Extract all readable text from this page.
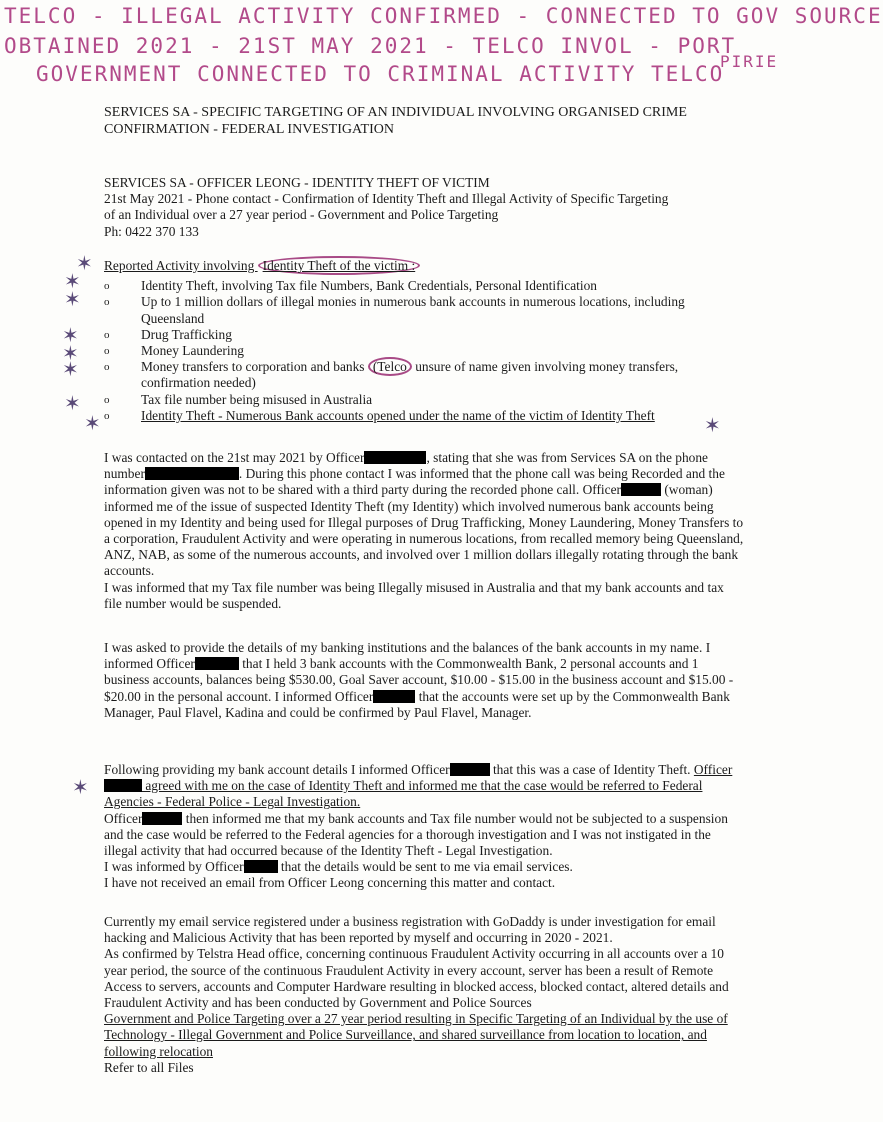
TELCO - ILLEGAL ACTIVITY CONFIRMED - CONNECTED TO GOV SOURCE
OBTAINED 2021 - 21ST MAY 2021 - TELCO INVOL - PORT
PIRIE
GOVERNMENT CONNECTED TO CRIMINAL ACTIVITY TELCO
SERVICES SA - SPECIFIC TARGETING OF AN INDIVIDUAL INVOLVING ORGANISED CRIME
CONFIRMATION - FEDERAL INVESTIGATION
SERVICES SA - OFFICER LEONG - IDENTITY THEFT OF VICTIM
21st May 2021 - Phone contact - Confirmation of Identity Theft and Illegal Activity of Specific Targeting
of an Individual over a 27 year period - Government and Police Targeting
Ph: 0422 370 133
✶ Reported Activity involving Identity Theft of the victim :
o Identity Theft, involving Tax file Numbers, Bank Credentials, Personal Identification
o Up to 1 million dollars of illegal monies in numerous bank accounts in numerous locations, including Queensland
o Drug Trafficking
o Money Laundering
o Money transfers to corporation and banks (Telco unsure of name given involving money transfers, confirmation needed)
o Tax file number being misused in Australia
o Identity Theft - Numerous Bank accounts opened under the name of the victim of Identity Theft
✶
✶
✶
✶
✶
✶
✶	✶

I was contacted on the 21st may 2021 by Officer	, stating that she was from Services SA on the phone number	. During this phone contact I was informed that the phone call was being Recorded and the information given was not to be shared with a third party during the recorded phone call. Officer	(woman) informed me of the issue of suspected Identity Theft (my Identity) which involved numerous bank accounts being opened in my Identity and being used for Illegal purposes of Drug Trafficking, Money Laundering, Money Transfers to a corporation, Fraudulent Activity and were operating in numerous locations, from recalled memory being Queensland, ANZ, NAB, as some of the numerous accounts, and involved over 1 million dollars illegally rotating through the bank accounts.

I was informed that my Tax file number was being Illegally misused in Australia and that my bank accounts and tax file number would be suspended.

I was asked to provide the details of my banking institutions and the balances of the bank accounts in my name. I informed Officer	that I held 3 bank accounts with the Commonwealth Bank, 2 personal accounts and 1 business accounts, balances being $530.00, Goal Saver account, $10.00 - $15.00 in the business account and $15.00 - $20.00 in the personal account. I informed Officer	that the accounts were set up by the Commonwealth Bank Manager, Paul Flavel, Kadina and could be confirmed by Paul Flavel, Manager.

✶

Following providing my bank account details I informed Officer	that this was a case of Identity Theft. Officer agreed with me on the case of Identity Theft and informed me that the case would be referred to Federal Agencies - Federal Police - Legal Investigation.

Officer	then informed me that my bank accounts and Tax file number would not be subjected to a suspension and the case would be referred to the Federal agencies for a thorough investigation and I was not instigated in the illegal activity that had occurred because of the Identity Theft - Legal Investigation.

I was informed by Officer	that the details would be sent to me via email services.

I have not received an email from Officer Leong concerning this matter and contact.

Currently my email service registered under a business registration with GoDaddy is under investigation for email hacking and Malicious Activity that has been reported by myself and occurring in 2020 - 2021.

As confirmed by Telstra Head office, concerning continuous Fraudulent Activity occurring in all accounts over a 10 year period, the source of the continuous Fraudulent Activity in every account, server has been a result of Remote Access to servers, accounts and Computer Hardware resulting in blocked access, blocked contact, altered details and Fraudulent Activity and has been conducted by Government and Police Sources

Government and Police Targeting over a 27 year period resulting in Specific Targeting of an Individual by the use of Technology - Illegal Government and Police Surveillance, and shared surveillance from location to location, and following relocation

Refer to all Files
